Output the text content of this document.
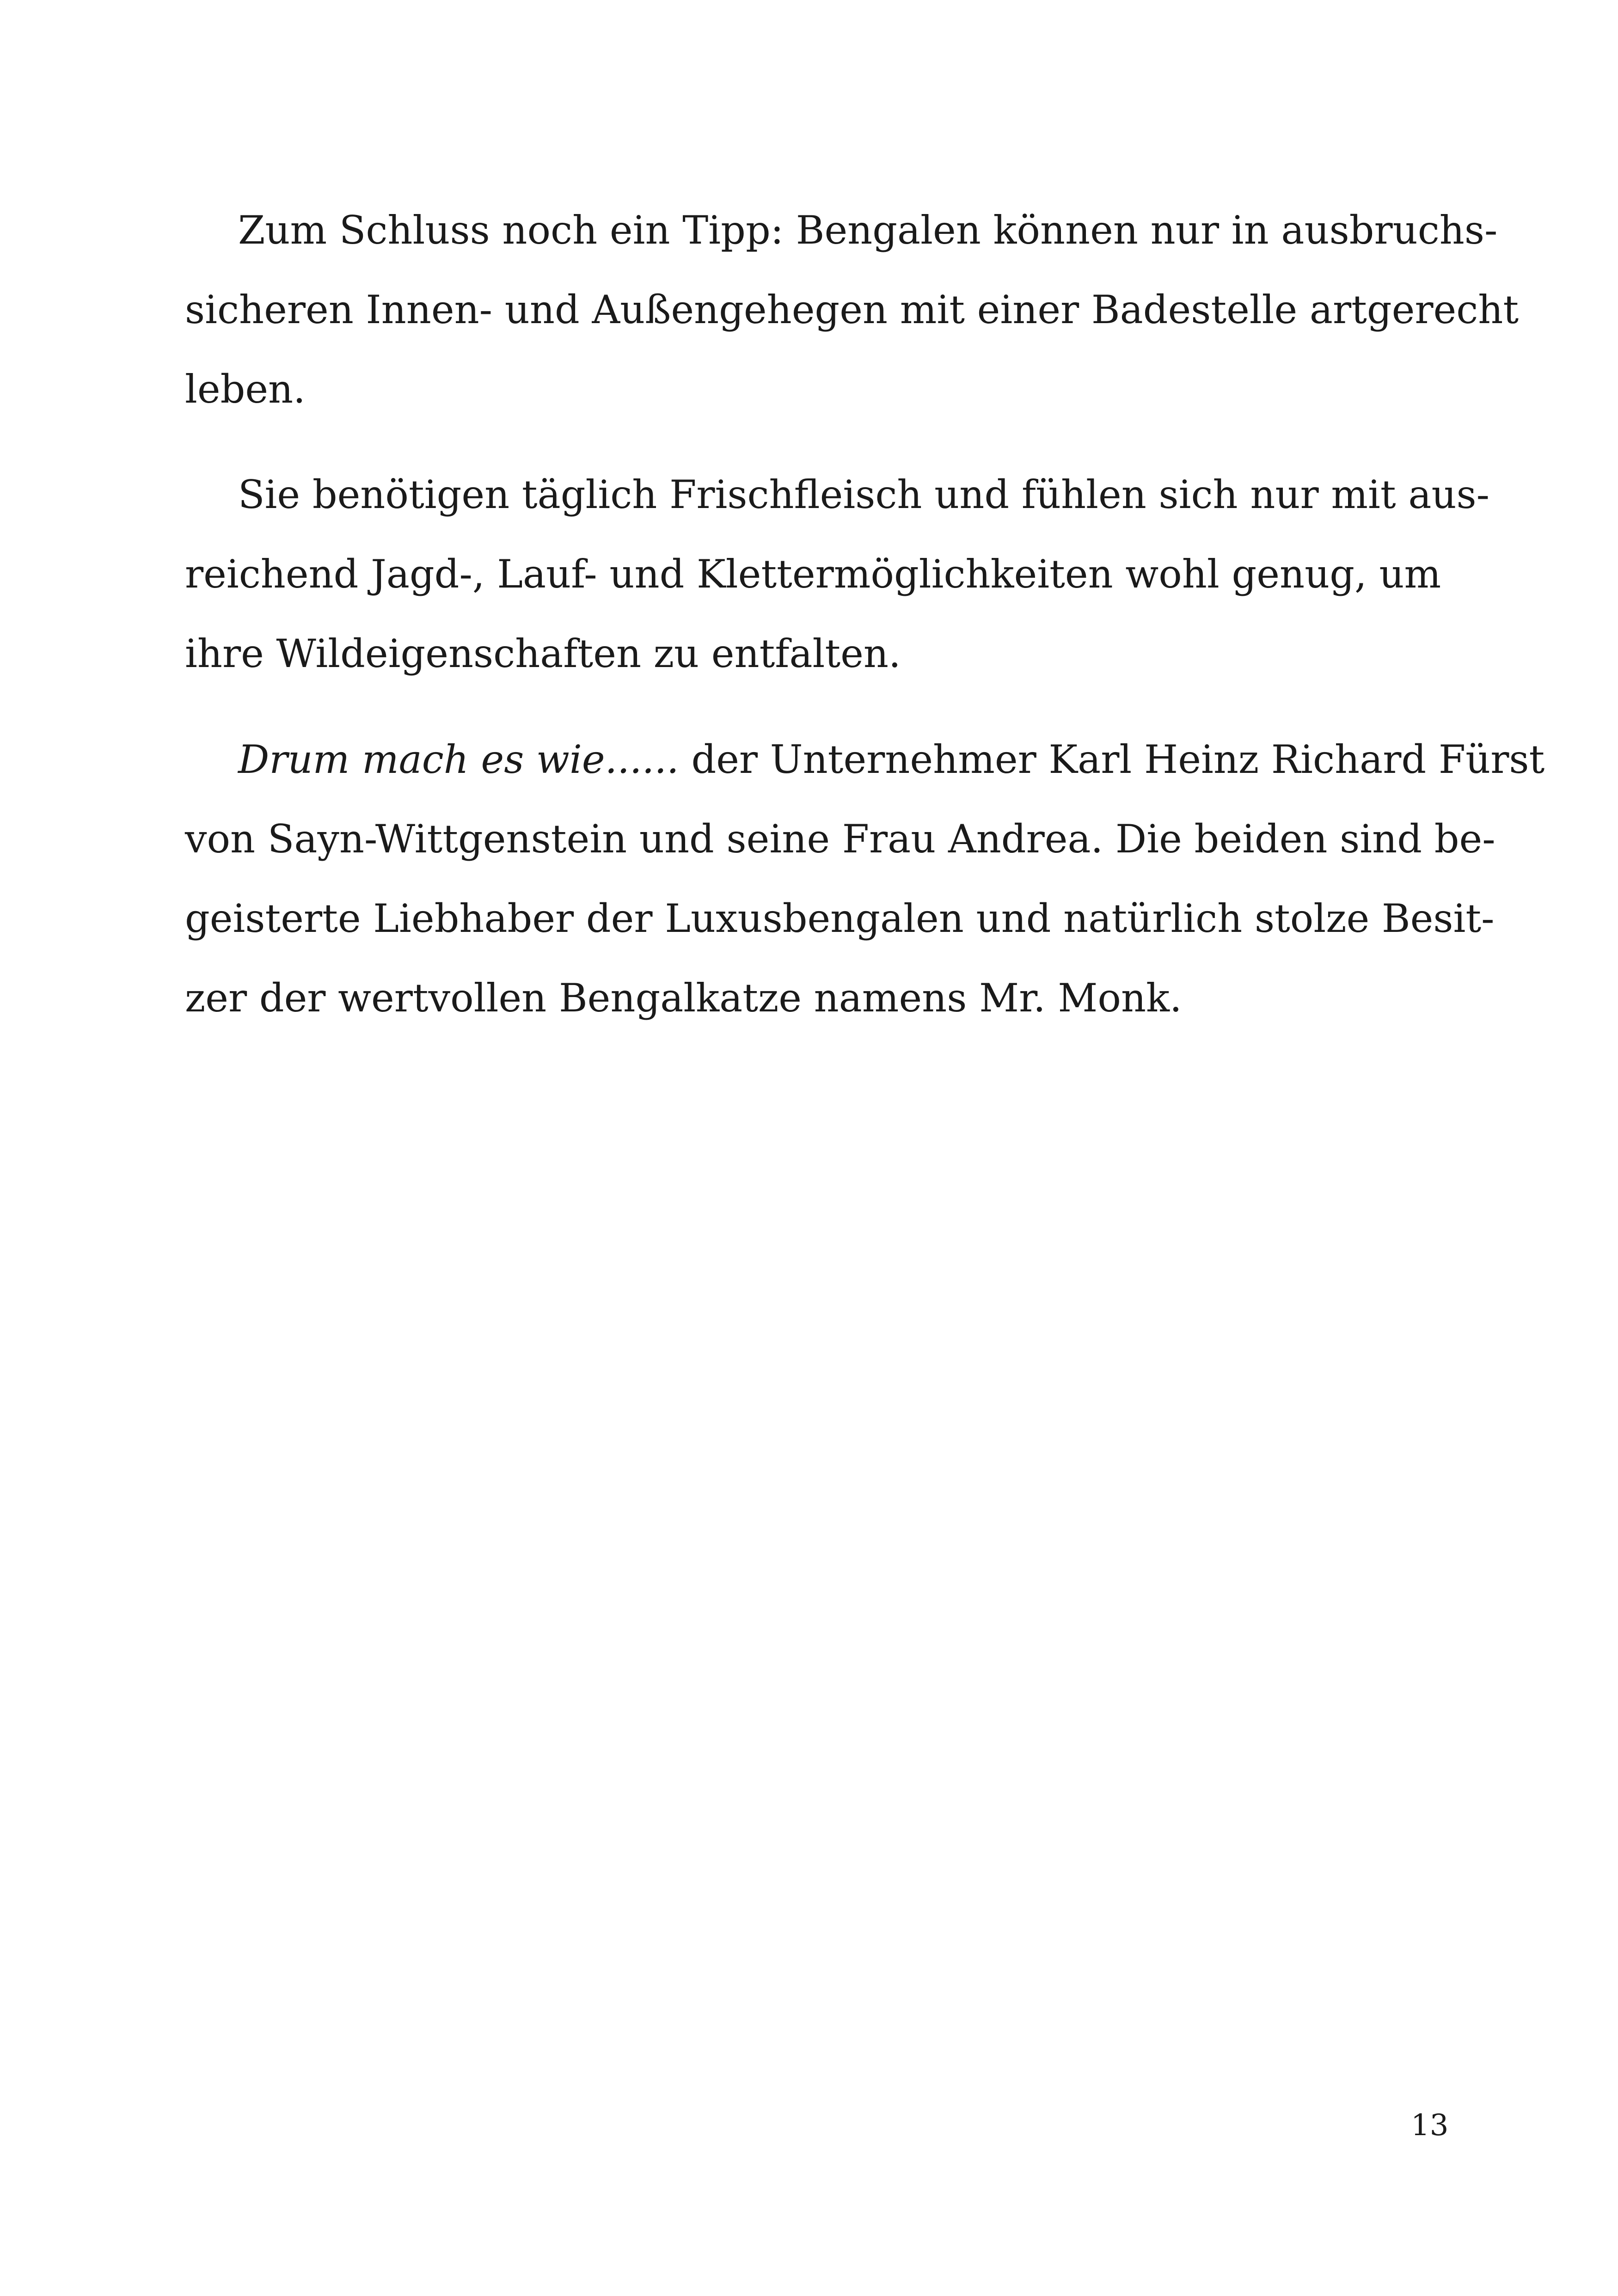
Zum Schluss noch ein Tipp: Bengalen können nur in ausbruchs-

sicheren Innen- und Außengehegen mit einer Badestelle artgerecht

leben.

Sie benötigen täglich Frischfleisch und fühlen sich nur mit aus-

reichend Jagd-, Lauf- und Klettermöglichkeiten wohl genug, um

ihre Wildeigenschaften zu entfalten.

Drum mach es wie...... der Unternehmer Karl Heinz Richard Fürst

von Sayn-Wittgenstein und seine Frau Andrea. Die beiden sind be-

geisterte Liebhaber der Luxusbengalen und natürlich stolze Besit-

zer der wertvollen Bengalkatze namens Mr. Monk.

13
